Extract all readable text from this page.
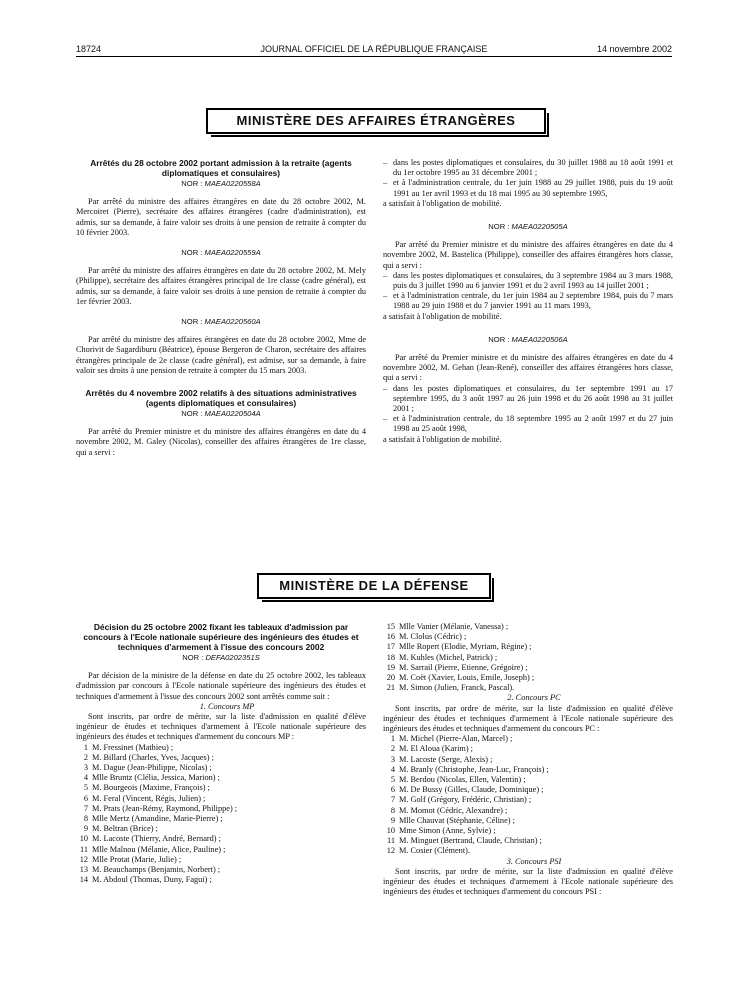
18724	JOURNAL OFFICIEL DE LA RÉPUBLIQUE FRANÇAISE	14 novembre 2002
MINISTÈRE DES AFFAIRES ÉTRANGÈRES
Arrêtés du 28 octobre 2002 portant admission à la retraite (agents diplomatiques et consulaires)
NOR : MAEA0220558A

Par arrêté du ministre des affaires étrangères en date du 28 octobre 2002, M. Mercoiret (Pierre), secrétaire des affaires étrangères (cadre d'administration), est admis, sur sa demande, à faire valoir ses droits à une pension de retraite à compter du 10 février 2003.

NOR : MAEA0220559A

Par arrêté du ministre des affaires étrangères en date du 28 octobre 2002, M. Mely (Philippe), secrétaire des affaires étrangères principal de 1re classe (cadre général), est admis, sur sa demande, à faire valoir ses droits à une pension de retraite à compter du 1er février 2003.

NOR : MAEA0220560A

Par arrêté du ministre des affaires étrangères en date du 28 octobre 2002, Mme de Chorivit de Sagardiburu (Béatrice), épouse Bergeron de Charon, secrétaire des affaires étrangères principale de 2e classe (cadre général), est admise, sur sa demande, à faire valoir ses droits à une pension de retraite à compter du 15 mars 2003.

Arrêtés du 4 novembre 2002 relatifs à des situations administratives (agents diplomatiques et consulaires)
NOR : MAEA0220504A

Par arrêté du Premier ministre et du ministre des affaires étrangères en date du 4 novembre 2002, M. Galey (Nicolas), conseiller des affaires étrangères de 1re classe, qui a servi :

– dans les postes diplomatiques et consulaires, du 30 juillet 1988 au 18 août 1991 et du 1er octobre 1995 au 31 décembre 2001 ;
– et à l'administration centrale, du 1er juin 1988 au 29 juillet 1988, puis du 19 août 1991 au 1er avril 1993 et du 18 mai 1995 au 30 septembre 1995,

a satisfait à l'obligation de mobilité.

NOR : MAEA0220505A

Par arrêté du Premier ministre et du ministre des affaires étrangères en date du 4 novembre 2002, M. Bastelica (Philippe), conseiller des affaires étrangères hors classe, qui a servi :

– dans les postes diplomatiques et consulaires, du 3 septembre 1984 au 3 mars 1988, puis du 3 juillet 1990 au 6 janvier 1991 et du 2 avril 1993 au 14 juillet 2001 ;
– et à l'administration centrale, du 1er juin 1984 au 2 septembre 1984, puis du 7 mars 1988 au 29 juin 1988 et du 7 janvier 1991 au 11 mars 1993,

a satisfait à l'obligation de mobilité.

NOR : MAEA0220506A

Par arrêté du Premier ministre et du ministre des affaires étrangères en date du 4 novembre 2002, M. Gehan (Jean-René), conseiller des affaires étrangères hors classe, qui a servi :

– dans les postes diplomatiques et consulaires, du 1er septembre 1991 au 17 septembre 1995, du 3 août 1997 au 26 juin 1998 et du 26 août 1998 au 31 juillet 2001 ;
– et à l'administration centrale, du 18 septembre 1995 au 2 août 1997 et du 27 juin 1998 au 25 août 1998,

a satisfait à l'obligation de mobilité.

MINISTÈRE DE LA DÉFENSE
Décision du 25 octobre 2002 fixant les tableaux d'admission par concours à l'Ecole nationale supérieure des ingénieurs des études et techniques d'armement à l'issue des concours 2002
NOR : DEFA0202351S

Par décision de la ministre de la défense en date du 25 octobre 2002, les tableaux d'admission par concours à l'Ecole nationale supérieure des ingénieurs des études et techniques d'armement à l'issue des concours 2002 sont arrêtés comme suit :

1. Concours MP

Sont inscrits, par ordre de mérite, sur la liste d'admission en qualité d'élève ingénieur de études et techniques d'armement à l'Ecole nationale supérieure des ingénieurs des études et techniques d'armement du concours MP :

1 M. Fressinet (Mathieu) ;
2 M. Billard (Charles, Yves, Jacques) ;
3 M. Dague (Jean-Philippe, Nicolas) ;
4 Mlle Bruntz (Clélia, Jessica, Marion) ;
5 M. Bourgeois (Maxime, François) ;
6 M. Feral (Vincent, Régis, Julien) ;
7 M. Prats (Jean-Rémy, Raymond, Philippe) ;
8 Mlle Mertz (Amandine, Marie-Pierre) ;
9 M. Beltran (Brice) ;
10 M. Lacoste (Thierry, André, Bernard) ;
11 Mlle Malnou (Mélanie, Alice, Pauline) ;
12 Mlle Protat (Marie, Julie) ;
13 M. Beauchamps (Benjamin, Norbert) ;
14 M. Abdoul (Thomas, Duny, Fagui) ;
15 Mlle Vanier (Mélanie, Vanessa) ;
16 M. Clolus (Cédric) ;
17 Mlle Ropert (Elodie, Myriam, Régine) ;
18 M. Kuhles (Michel, Patrick) ;
19 M. Sarrail (Pierre, Etienne, Grégoire) ;
20 M. Coët (Xavier, Louis, Emile, Joseph) ;
21 M. Simon (Julien, Franck, Pascal).

2. Concours PC

Sont inscrits, par ordre de mérite, sur la liste d'admission en qualité d'élève ingénieur des études et techniques d'armement à l'Ecole nationale supérieure des ingénieurs des études et techniques d'armement du concours PC :

1 M. Michel (Pierre-Alan, Marcel) ;
2 M. El Aloua (Karim) ;
3 M. Lacoste (Serge, Alexis) ;
4 M. Branly (Christophe, Jean-Luc, François) ;
5 M. Berdou (Nicolas, Ellen, Valentin) ;
6 M. De Bussy (Gilles, Claude, Dominique) ;
7 M. Golf (Grégory, Frédéric, Christian) ;
8 M. Momot (Cédric, Alexandre) ;
9 Mlle Chauvat (Stéphanie, Céline) ;
10 Mme Simon (Anne, Sylvie) ;
11 M. Minguet (Bertrand, Claude, Christian) ;
12 M. Cosier (Clément).

3. Concours PSI

Sont inscrits, par ordre de mérite, sur la liste d'admission en qualité d'élève ingénieur des études et techniques d'armement à l'Ecole nationale supérieure des ingénieurs des études et techniques d'armement du concours PSI :
